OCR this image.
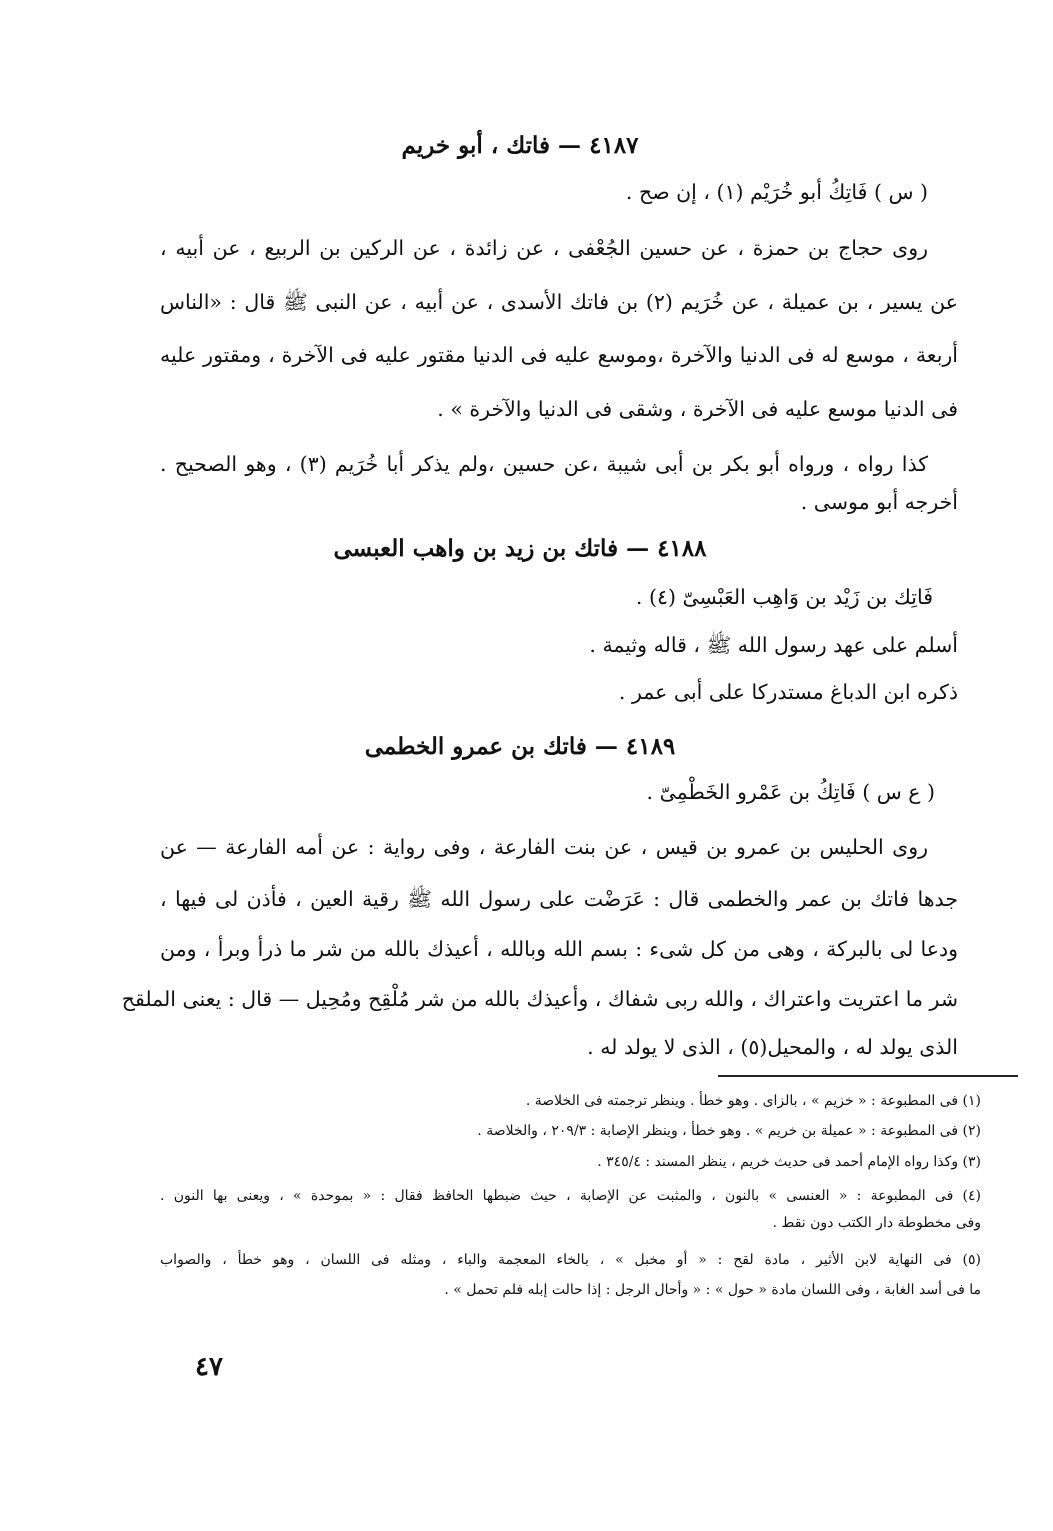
٤١٨٧ — فاتك ، أبو خريم
( س ) فَاتِكُ أبو خُرَيْم (١) ، إن صح .
روى حجاج بن حمزة ، عن حسين الجُعْفى ، عن زائدة ، عن الركين بن الربيع ، عن أبيه ،
عن يسير ، بن عميلة ، عن خُرَيم (٢) بن فاتك الأسدى ، عن أبيه ، عن النبى ﷺ قال : «الناس
أربعة ، موسع له فى الدنيا والآخرة ،وموسع عليه فى الدنيا مقتور عليه فى الآخرة ، ومقتور عليه
فى الدنيا موسع عليه فى الآخرة ، وشقى فى الدنيا والآخرة » .
كذا رواه ، ورواه أبو بكر بن أبى شيبة ،عن حسين ،ولم يذكر أبا خُرَيم (٣) ، وهو الصحيح .
أخرجه أبو موسى .
٤١٨٨ — فاتك بن زيد بن واهب العبسى
فَاتِك بن زَيْد بن وَاهِب العَبْسِىّ (٤) .
أسلم على عهد رسول الله ﷺ ، قاله وثيمة .
ذكره ابن الدباغ مستدركا على أبى عمر .
٤١٨٩ — فاتك بن عمرو الخطمى
( ع س ) فَاتِكُ بن عَمْرو الخَطْمِىّ .
روى الحليس بن عمرو بن قيس ، عن بنت الفارعة ، وفى رواية : عن أمه الفارعة — عن
جدها فاتك بن عمر والخطمى قال : عَرَضْت على رسول الله ﷺ رقية العين ، فأذن لى فيها ،
ودعا لى بالبركة ، وهى من كل شىء : بسم الله وبالله ، أعيذك بالله من شر ما ذرأ وبرأ ، ومن
شر ما اعتريت واعتراك ، والله ربى شفاك ، وأعيذك بالله من شر مُلْقِح ومُحِيل — قال : يعنى الملقح
الذى يولد له ، والمحيل(٥) ، الذى لا يولد له .
(١) فى المطبوعة : « خزيم » ، بالزاى . وهو خطأ . وينظر ترجمته فى الخلاصة .
(٢) فى المطبوعة : « عميلة بن خريم » . وهو خطأ ، وينظر الإصابة : ٢٠٩/٣ ، والخلاصة .
(٣) وكذا رواه الإمام أحمد فى حديث خريم ، ينظر المسند : ٣٤٥/٤ .
(٤) فى المطبوعة : « العنسى » بالنون ، والمثبت عن الإصابة ، حيث ضبطها الحافظ فقال : « بموحدة » ، ويعنى بها النون .
وفى مخطوطة دار الكتب دون نقط .
(٥) فى النهاية لابن الأثير ، مادة لقح : « أو مخبل » ، بالخاء المعجمة والباء ، ومثله فى اللسان ، وهو خطأ ، والصواب
ما فى أسد الغابة ، وفى اللسان مادة « حول » : « وأحال الرجل : إذا حالت إبله فلم تحمل » .
٤٧
